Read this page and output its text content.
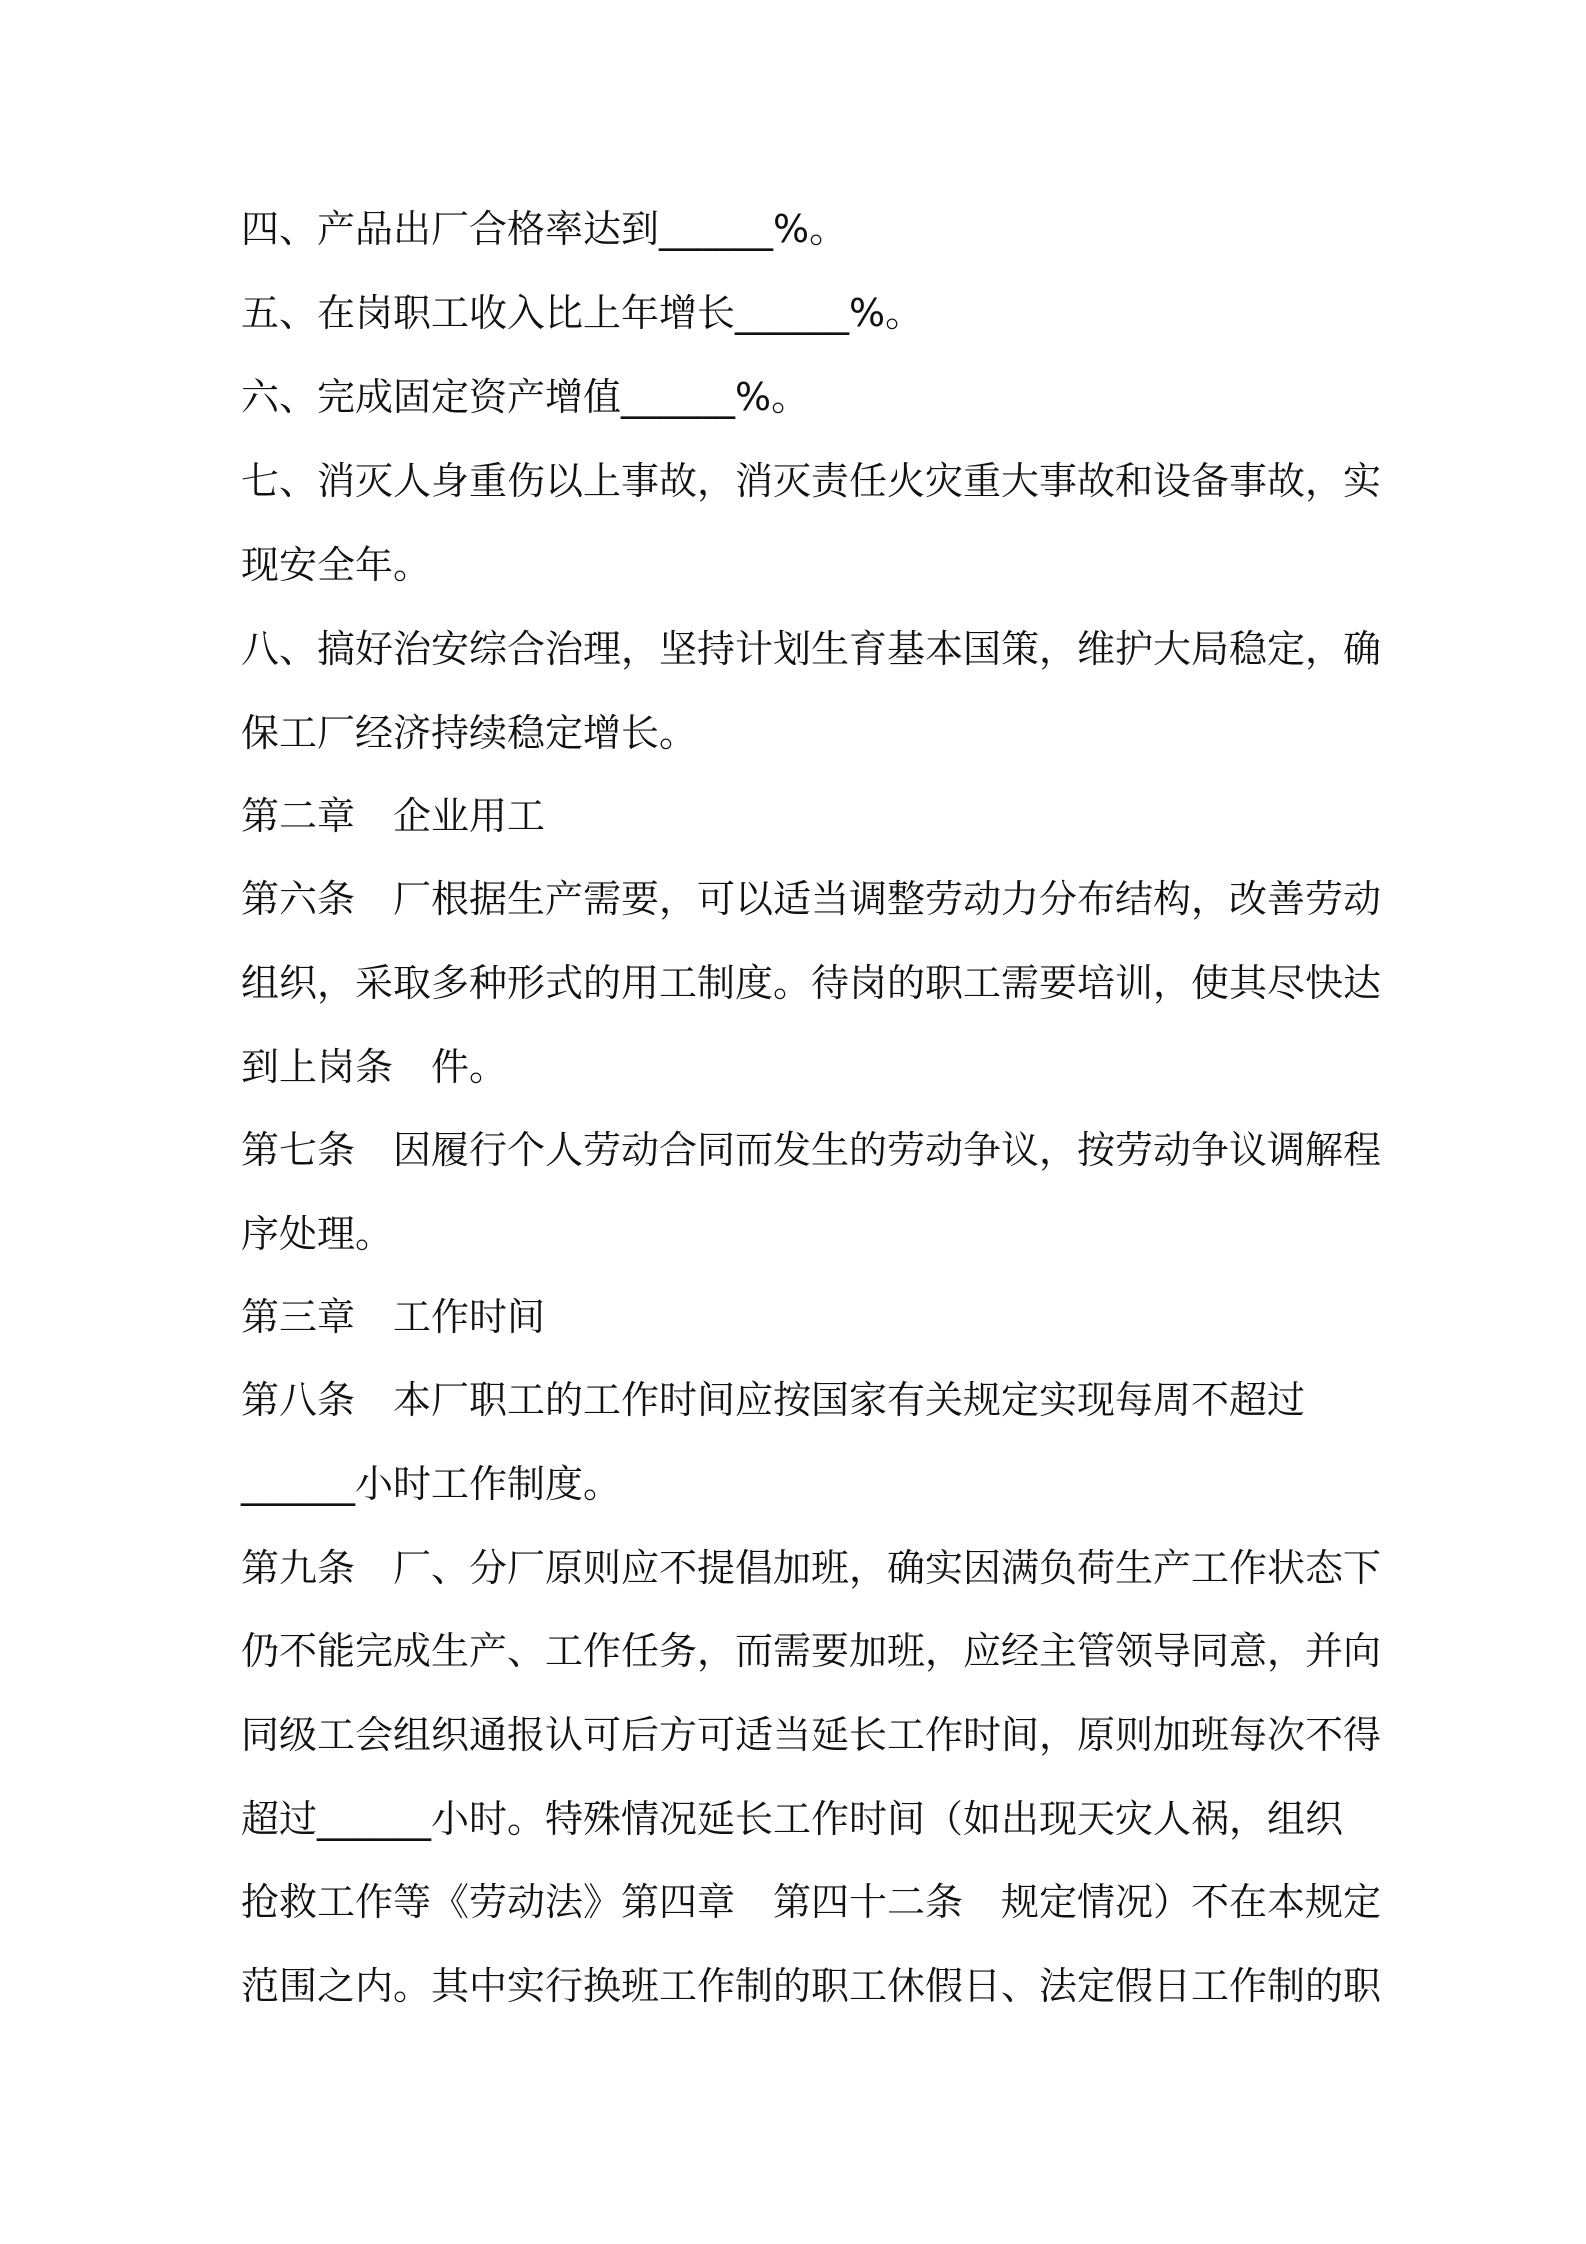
四、产品出厂合格率达到______%。
五、在岗职工收入比上年增长______%。
六、完成固定资产增值______%。
七、消灭人身重伤以上事故，消灭责任火灾重大事故和设备事故，实
现安全年。
八、搞好治安综合治理，坚持计划生育基本国策，维护大局稳定，确
保工厂经济持续稳定增长。
第二章　企业用工
第六条　厂根据生产需要，可以适当调整劳动力分布结构，改善劳动
组织，采取多种形式的用工制度。待岗的职工需要培训，使其尽快达
到上岗条　件。
第七条　因履行个人劳动合同而发生的劳动争议，按劳动争议调解程
序处理。
第三章　工作时间
第八条　本厂职工的工作时间应按国家有关规定实现每周不超过
______小时工作制度。
第九条　厂、分厂原则应不提倡加班，确实因满负荷生产工作状态下
仍不能完成生产、工作任务，而需要加班，应经主管领导同意，并向
同级工会组织通报认可后方可适当延长工作时间，原则加班每次不得
超过______小时。特殊情况延长工作时间（如出现天灾人祸，组织
抢救工作等《劳动法》第四章　第四十二条　规定情况）不在本规定
范围之内。其中实行换班工作制的职工休假日、法定假日工作制的职
